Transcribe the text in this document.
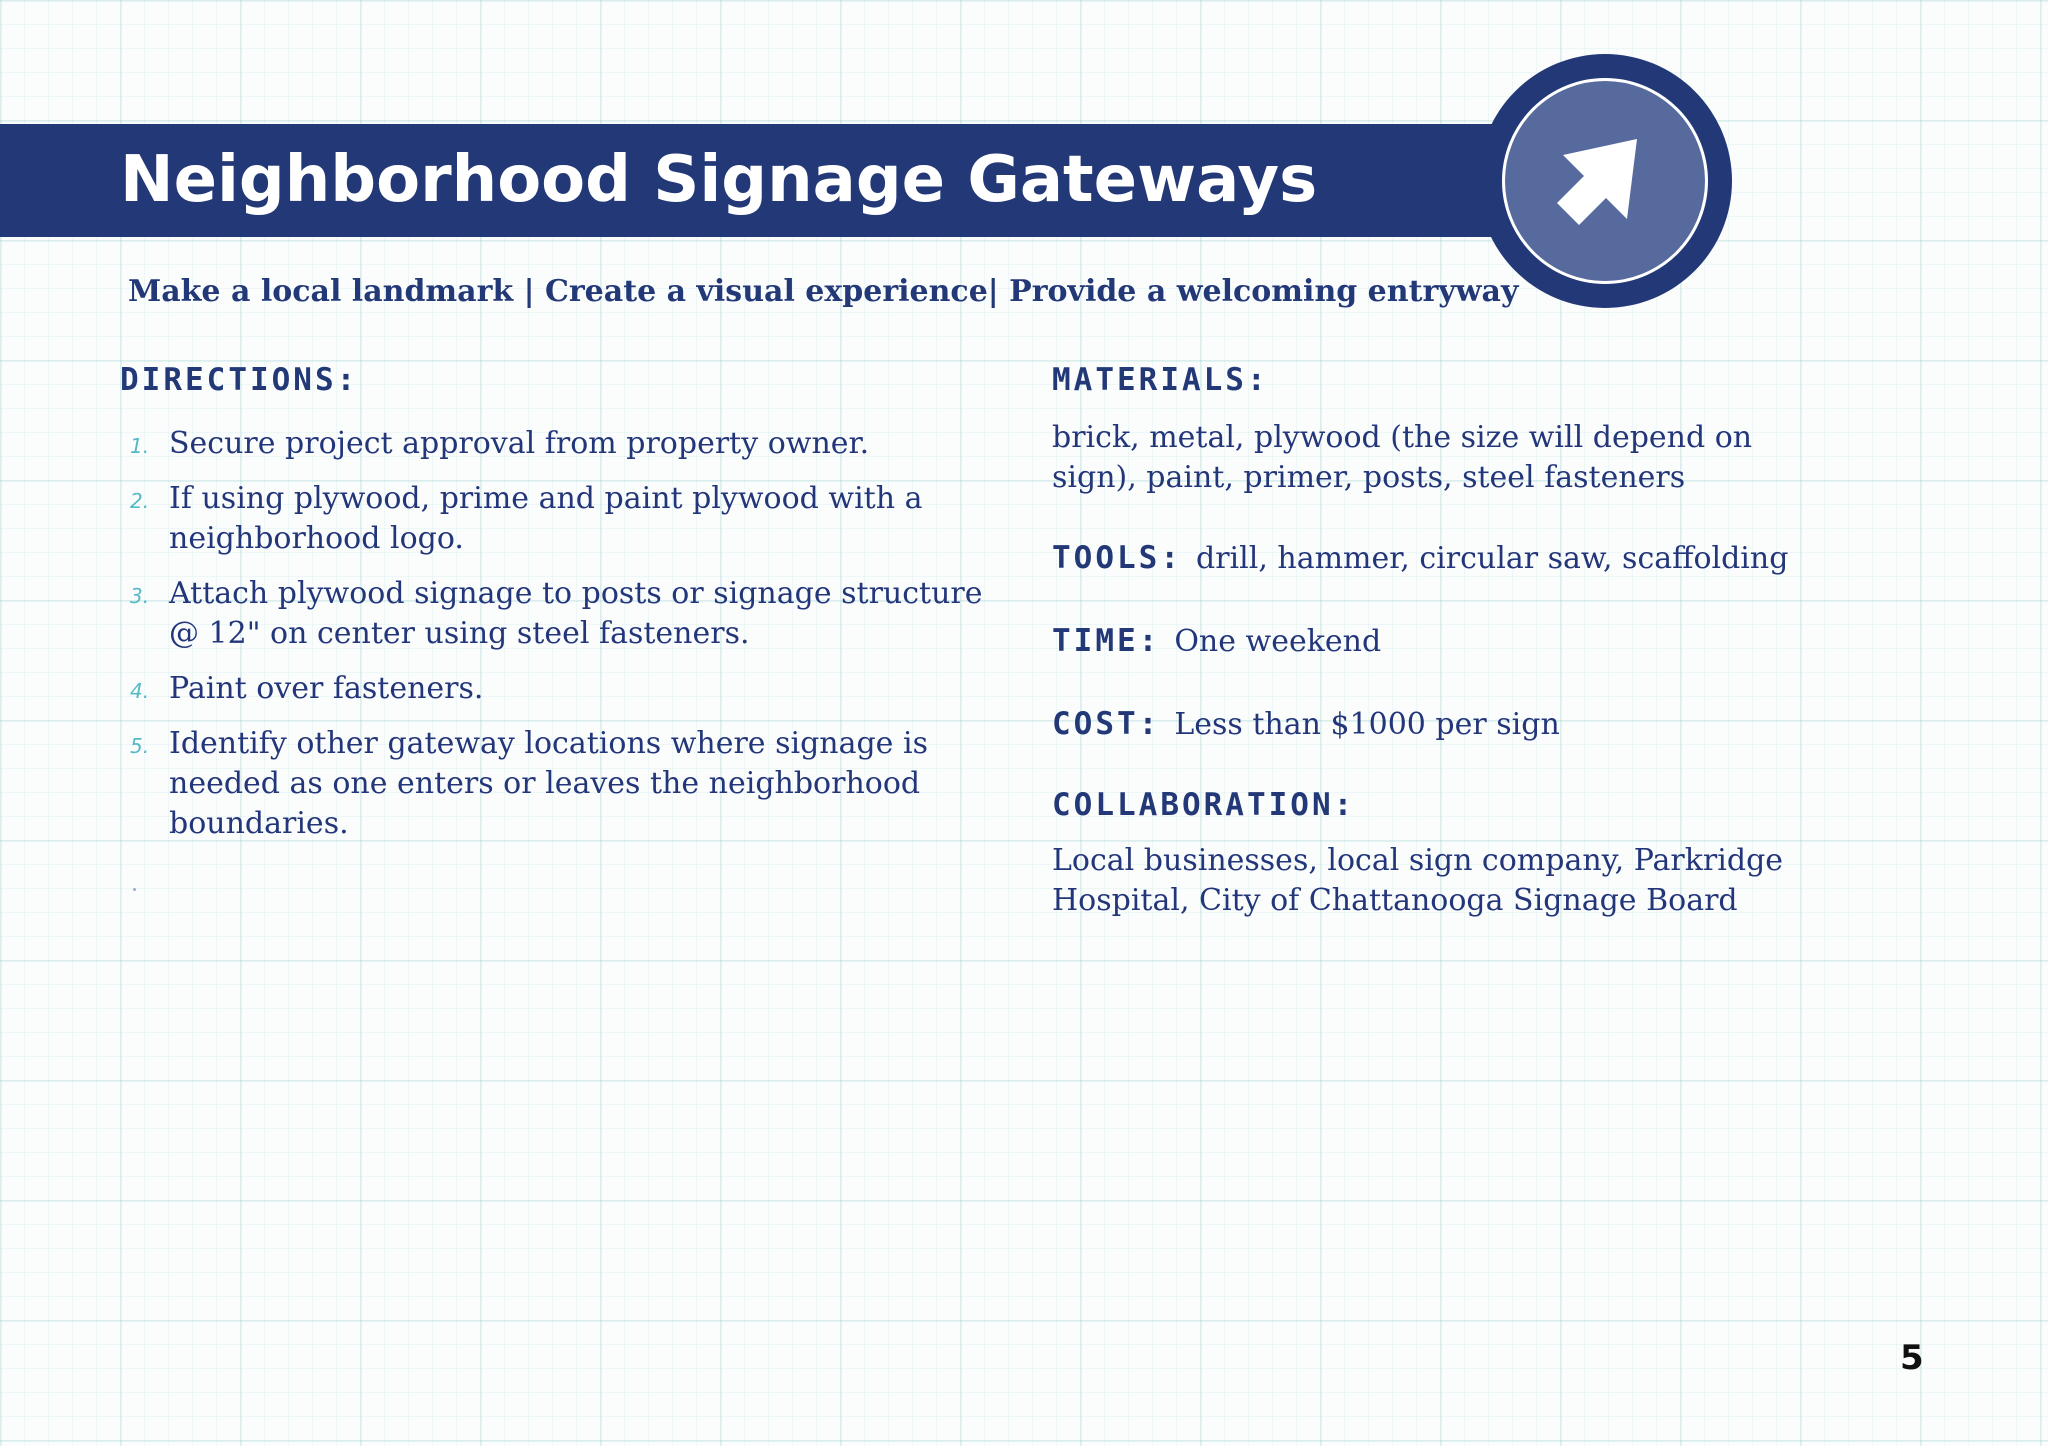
Neighborhood Signage Gateways
Make a local landmark | Create a visual experience| Provide a welcoming entryway
DIRECTIONS:
1. Secure project approval from property owner.
2. If using plywood, prime and paint plywood with a neighborhood logo.
3. Attach plywood signage to posts or signage structure @ 12" on center using steel fasteners.
4. Paint over fasteners.
5. Identify other gateway locations where signage is needed as one enters or leaves the neighborhood boundaries.
MATERIALS:
brick, metal, plywood (the size will depend on sign), paint, primer, posts, steel fasteners
TOOLS: drill, hammer, circular saw, scaffolding
TIME: One weekend
COST: Less than $1000 per sign
COLLABORATION:
Local businesses, local sign company, Parkridge Hospital, City of Chattanooga Signage Board
5
